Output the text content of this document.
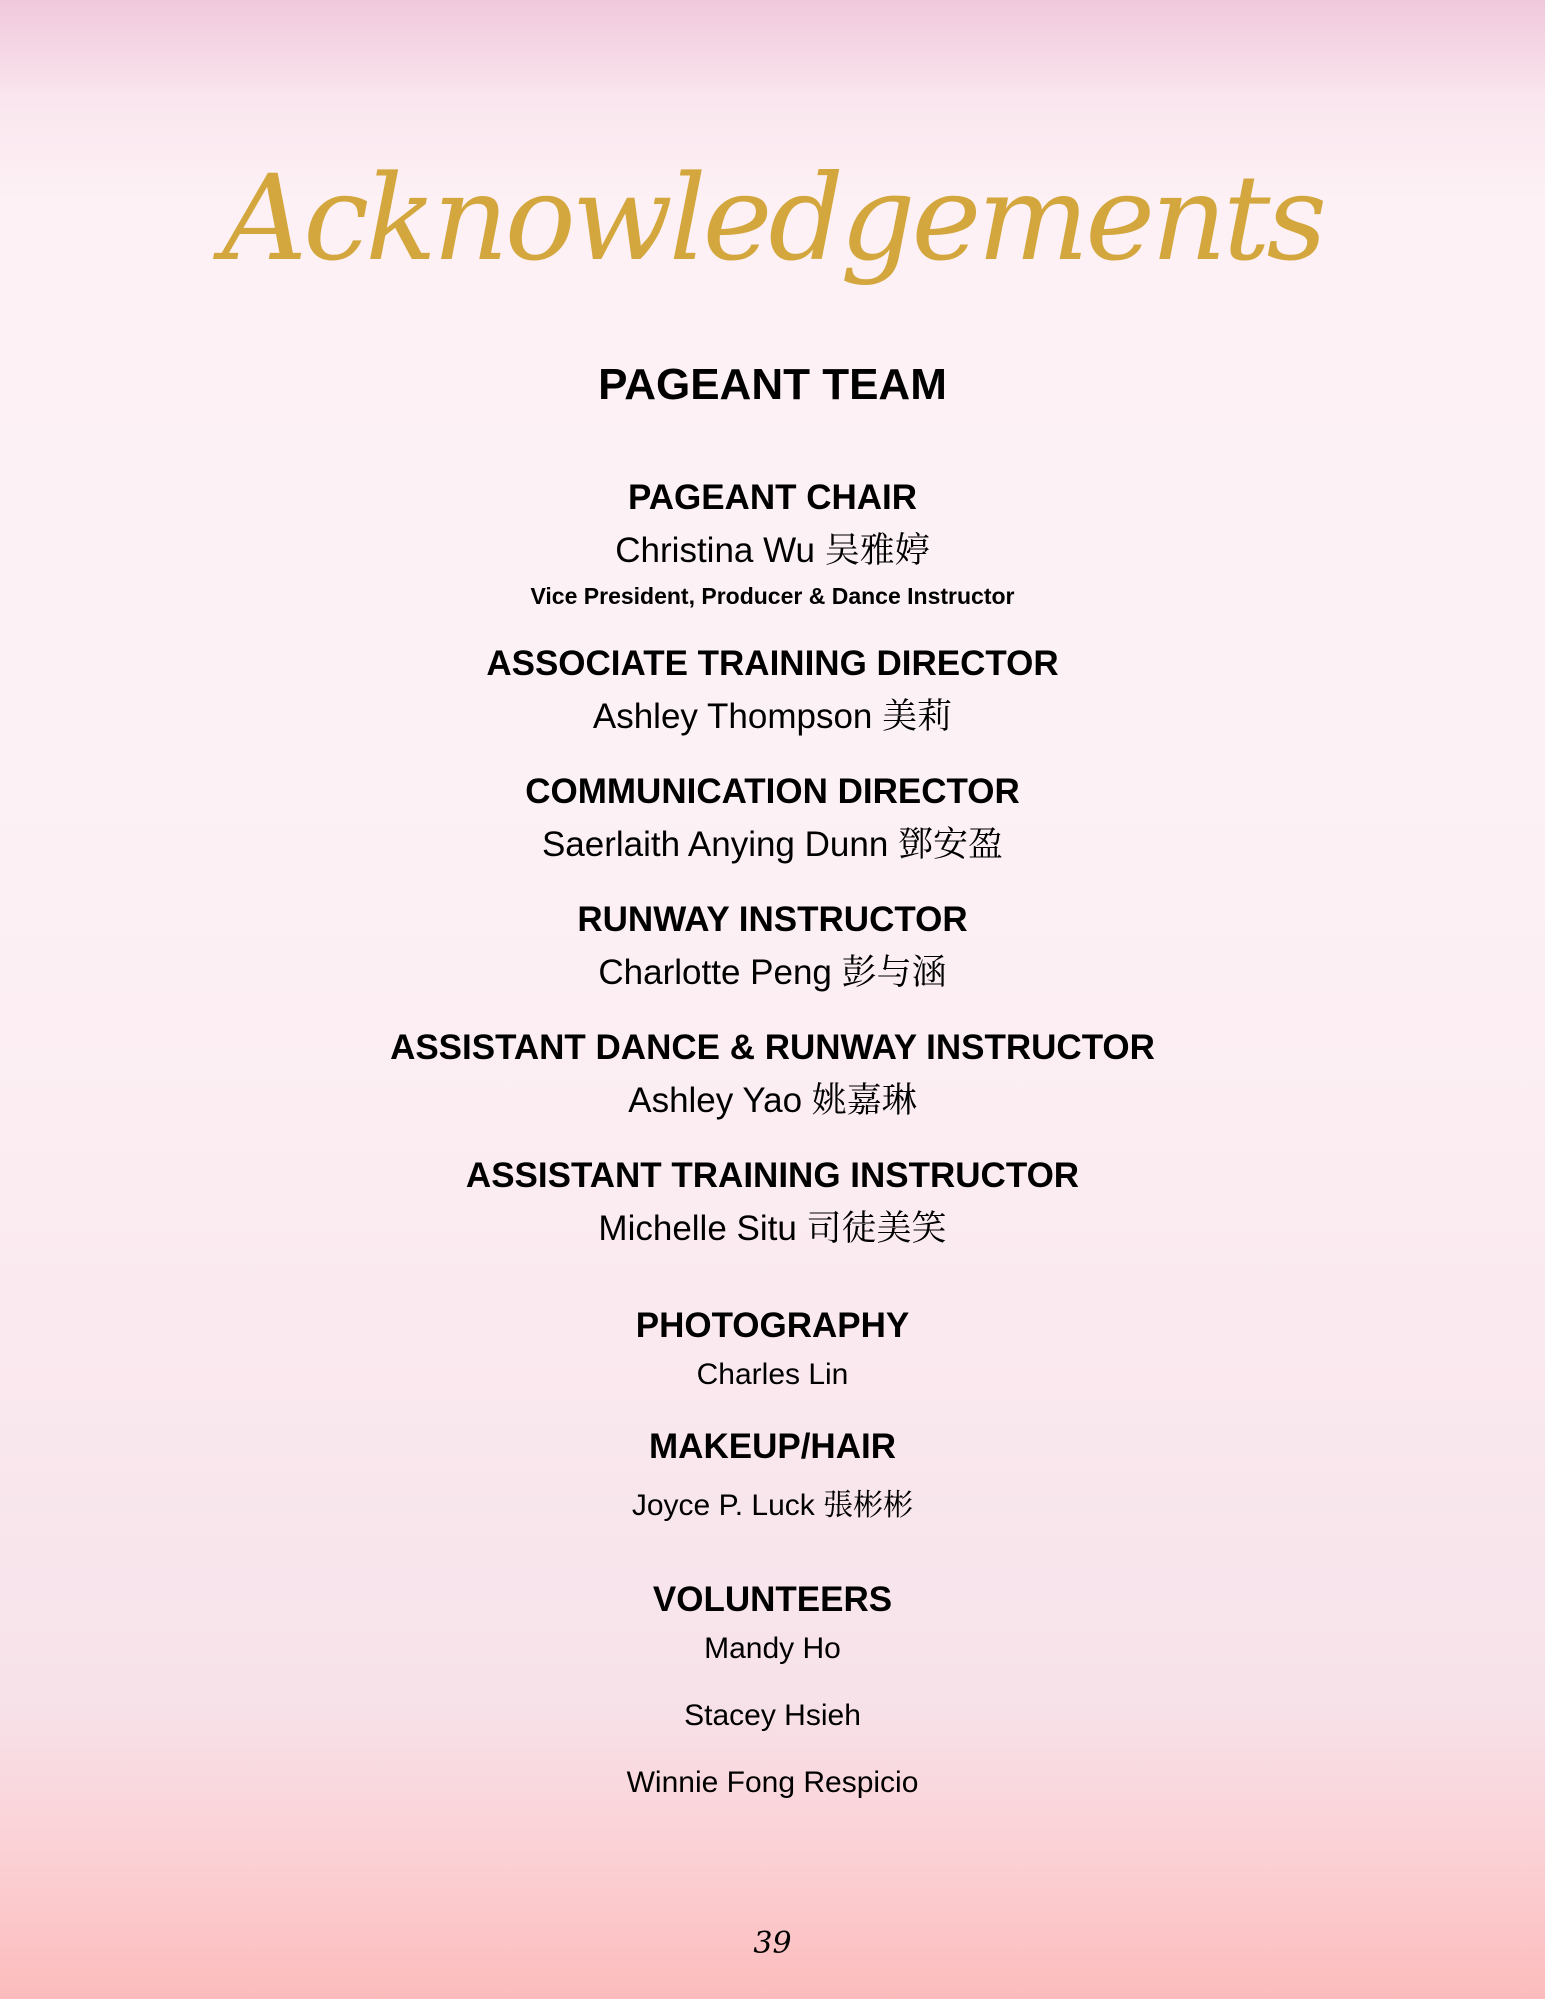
Acknowledgements
PAGEANT TEAM
PAGEANT CHAIR
Christina Wu 吴雅婷
Vice President, Producer & Dance Instructor
ASSOCIATE TRAINING DIRECTOR
Ashley Thompson 美莉
COMMUNICATION DIRECTOR
Saerlaith Anying Dunn 鄧安盈
RUNWAY INSTRUCTOR
Charlotte Peng 彭与涵
ASSISTANT DANCE & RUNWAY INSTRUCTOR
Ashley Yao 姚嘉琳
ASSISTANT TRAINING INSTRUCTOR
Michelle Situ 司徒美笑
PHOTOGRAPHY
Charles Lin
MAKEUP/HAIR
Joyce P. Luck 張彬彬
VOLUNTEERS
Mandy Ho
Stacey Hsieh
Winnie Fong Respicio
39
